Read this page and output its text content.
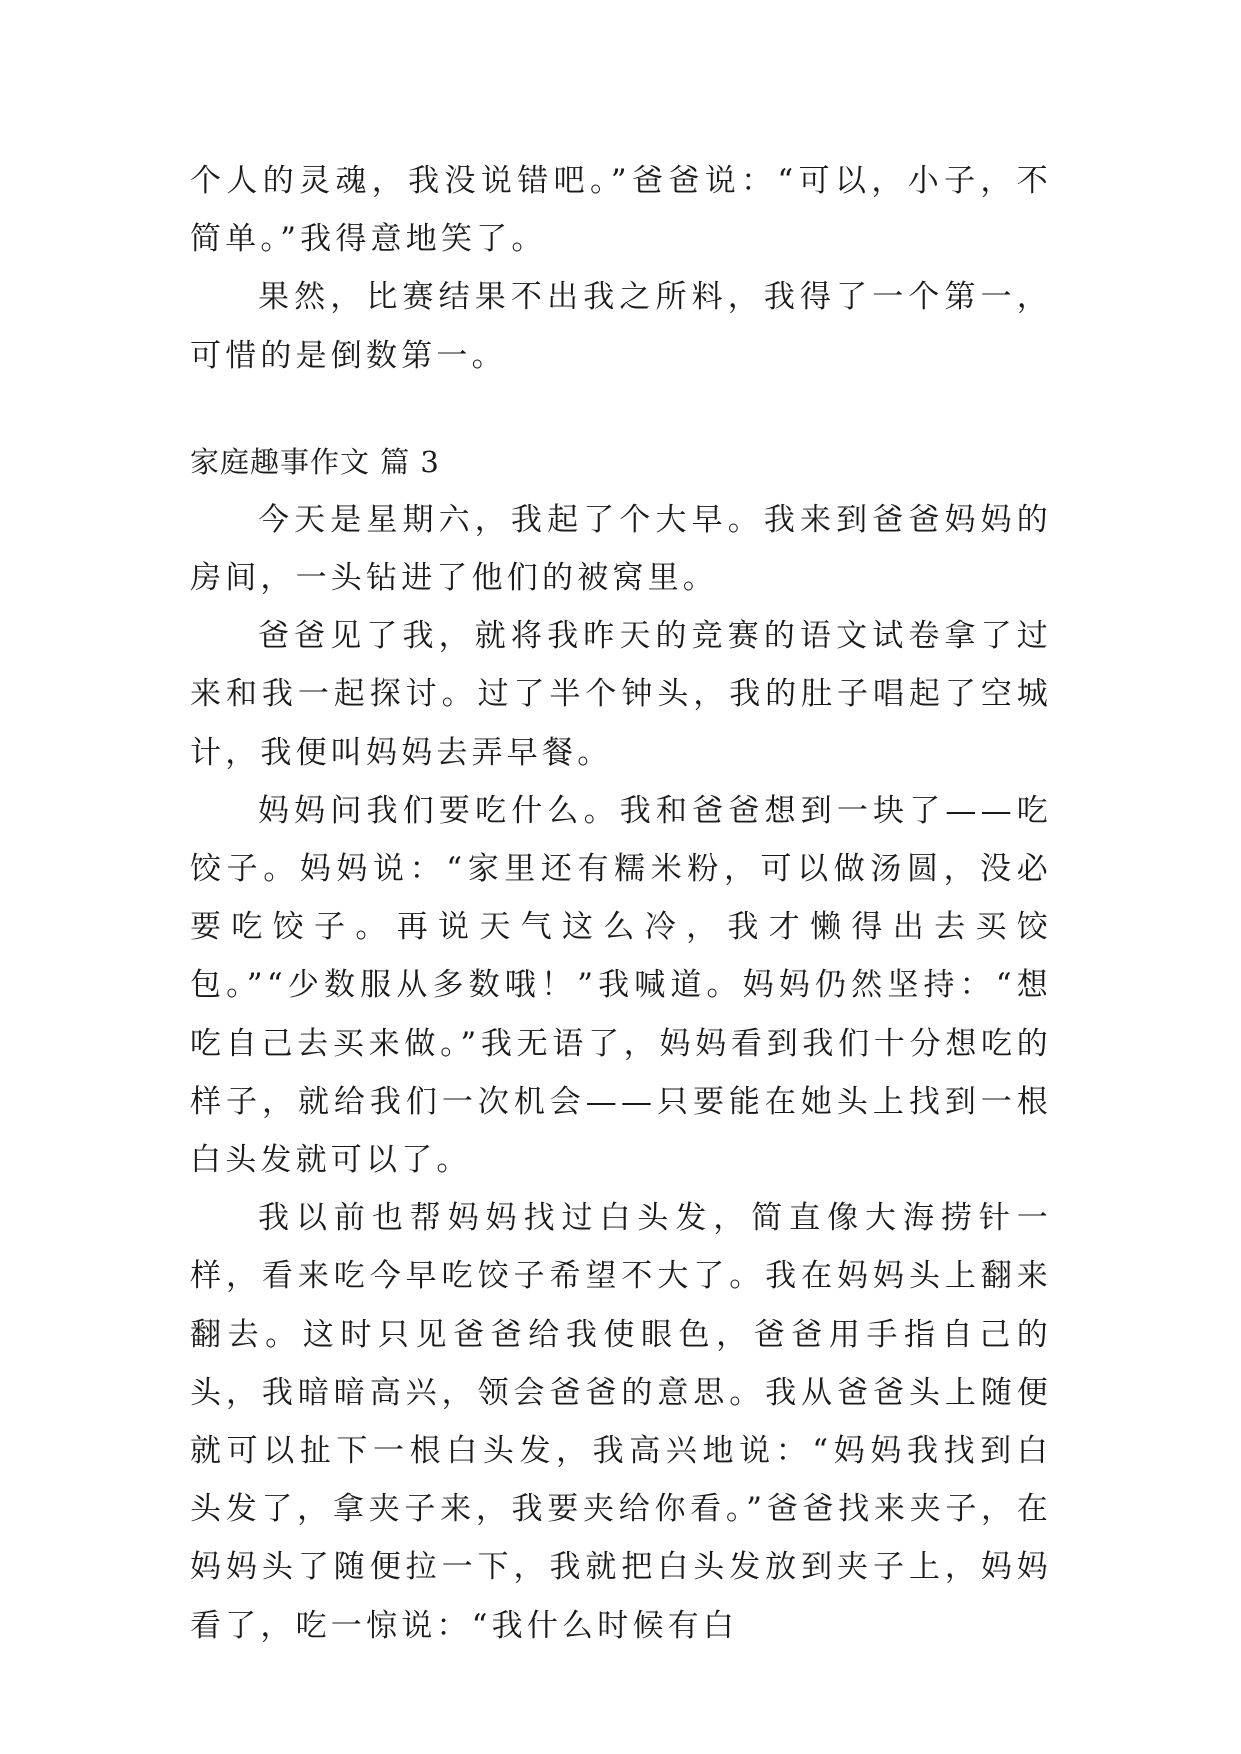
个人的灵魂，我没说错吧。”爸爸说：“可以，小子，不简单。”我得意地笑了。

果然，比赛结果不出我之所料，我得了一个第一，可惜的是倒数第一。

家庭趣事作文 篇 3

今天是星期六，我起了个大早。我来到爸爸妈妈的房间，一头钻进了他们的被窝里。

爸爸见了我，就将我昨天的竞赛的语文试卷拿了过来和我一起探讨。过了半个钟头，我的肚子唱起了空城计，我便叫妈妈去弄早餐。

妈妈问我们要吃什么。我和爸爸想到一块了——吃饺子。妈妈说：“家里还有糯米粉，可以做汤圆，没必要吃饺子。再说天气这么冷，我才懒得出去买饺包。”“少数服从多数哦！”我喊道。妈妈仍然坚持：“想吃自己去买来做。”我无语了，妈妈看到我们十分想吃的样子，就给我们一次机会——只要能在她头上找到一根白头发就可以了。

我以前也帮妈妈找过白头发，简直像大海捞针一样，看来吃今早吃饺子希望不大了。我在妈妈头上翻来翻去。这时只见爸爸给我使眼色，爸爸用手指自己的头，我暗暗高兴，领会爸爸的意思。我从爸爸头上随便就可以扯下一根白头发，我高兴地说：“妈妈我找到白头发了，拿夹子来，我要夹给你看。”爸爸找来夹子，在妈妈头了随便拉一下，我就把白头发放到夹子上，妈妈看了，吃一惊说：“我什么时候有白
